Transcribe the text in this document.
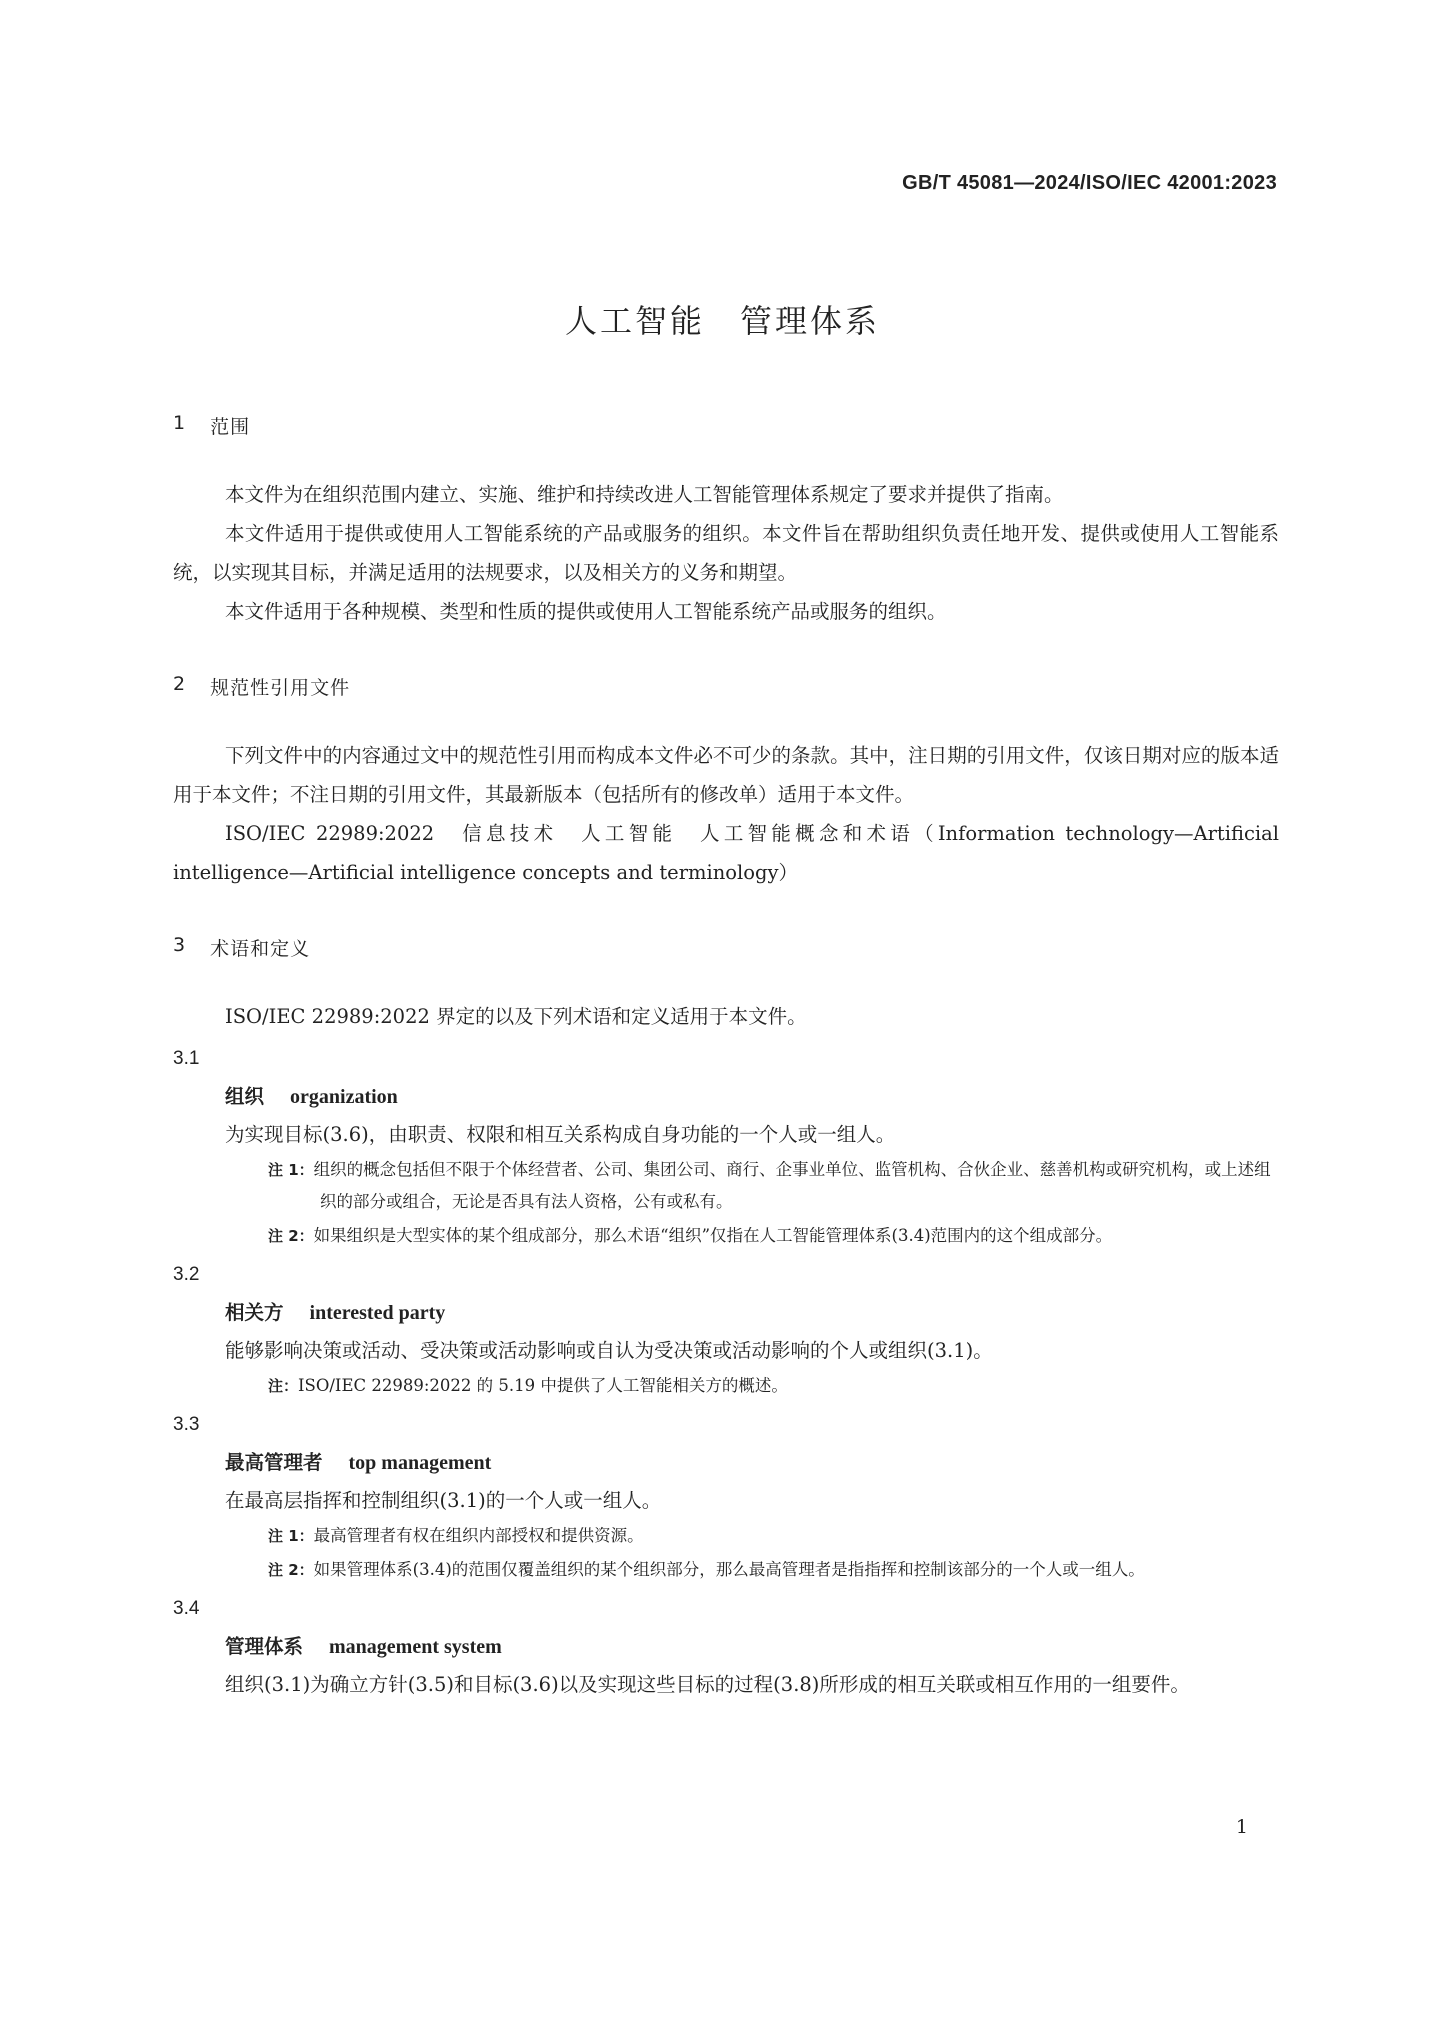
GB/T 45081—2024/ISO/IEC 42001:2023
人工智能　管理体系
1 范围

本文件为在组织范围内建立、实施、维护和持续改进人工智能管理体系规定了要求并提供了指南。

本文件适用于提供或使用人工智能系统的产品或服务的组织。本文件旨在帮助组织负责任地开发、提供或使用人工智能系统，以实现其目标，并满足适用的法规要求，以及相关方的义务和期望。

本文件适用于各种规模、类型和性质的提供或使用人工智能系统产品或服务的组织。

2 规范性引用文件

下列文件中的内容通过文中的规范性引用而构成本文件必不可少的条款。其中，注日期的引用文件，仅该日期对应的版本适用于本文件；不注日期的引用文件，其最新版本（包括所有的修改单）适用于本文件。

ISO/IEC 22989:2022　信息技术　人工智能　人工智能概念和术语（Information technology—Artificial intelligence—Artificial intelligence concepts and terminology）

3 术语和定义

ISO/IEC 22989:2022 界定的以及下列术语和定义适用于本文件。

3.1
组织 organization

为实现目标(3.6)，由职责、权限和相互关系构成自身功能的一个人或一组人。

注 1：组织的概念包括但不限于个体经营者、公司、集团公司、商行、企事业单位、监管机构、合伙企业、慈善机构或研究机构，或上述组织的部分或组合，无论是否具有法人资格，公有或私有。

注 2：如果组织是大型实体的某个组成部分，那么术语“组织”仅指在人工智能管理体系(3.4)范围内的这个组成部分。

3.2
相关方 interested party

能够影响决策或活动、受决策或活动影响或自认为受决策或活动影响的个人或组织(3.1)。

注：ISO/IEC 22989:2022 的 5.19 中提供了人工智能相关方的概述。

3.3
最高管理者 top management

在最高层指挥和控制组织(3.1)的一个人或一组人。

注 1：最高管理者有权在组织内部授权和提供资源。

注 2：如果管理体系(3.4)的范围仅覆盖组织的某个组织部分，那么最高管理者是指指挥和控制该部分的一个人或一组人。

3.4
管理体系 management system

组织(3.1)为确立方针(3.5)和目标(3.6)以及实现这些目标的过程(3.8)所形成的相互关联或相互作用的一组要件。

1
